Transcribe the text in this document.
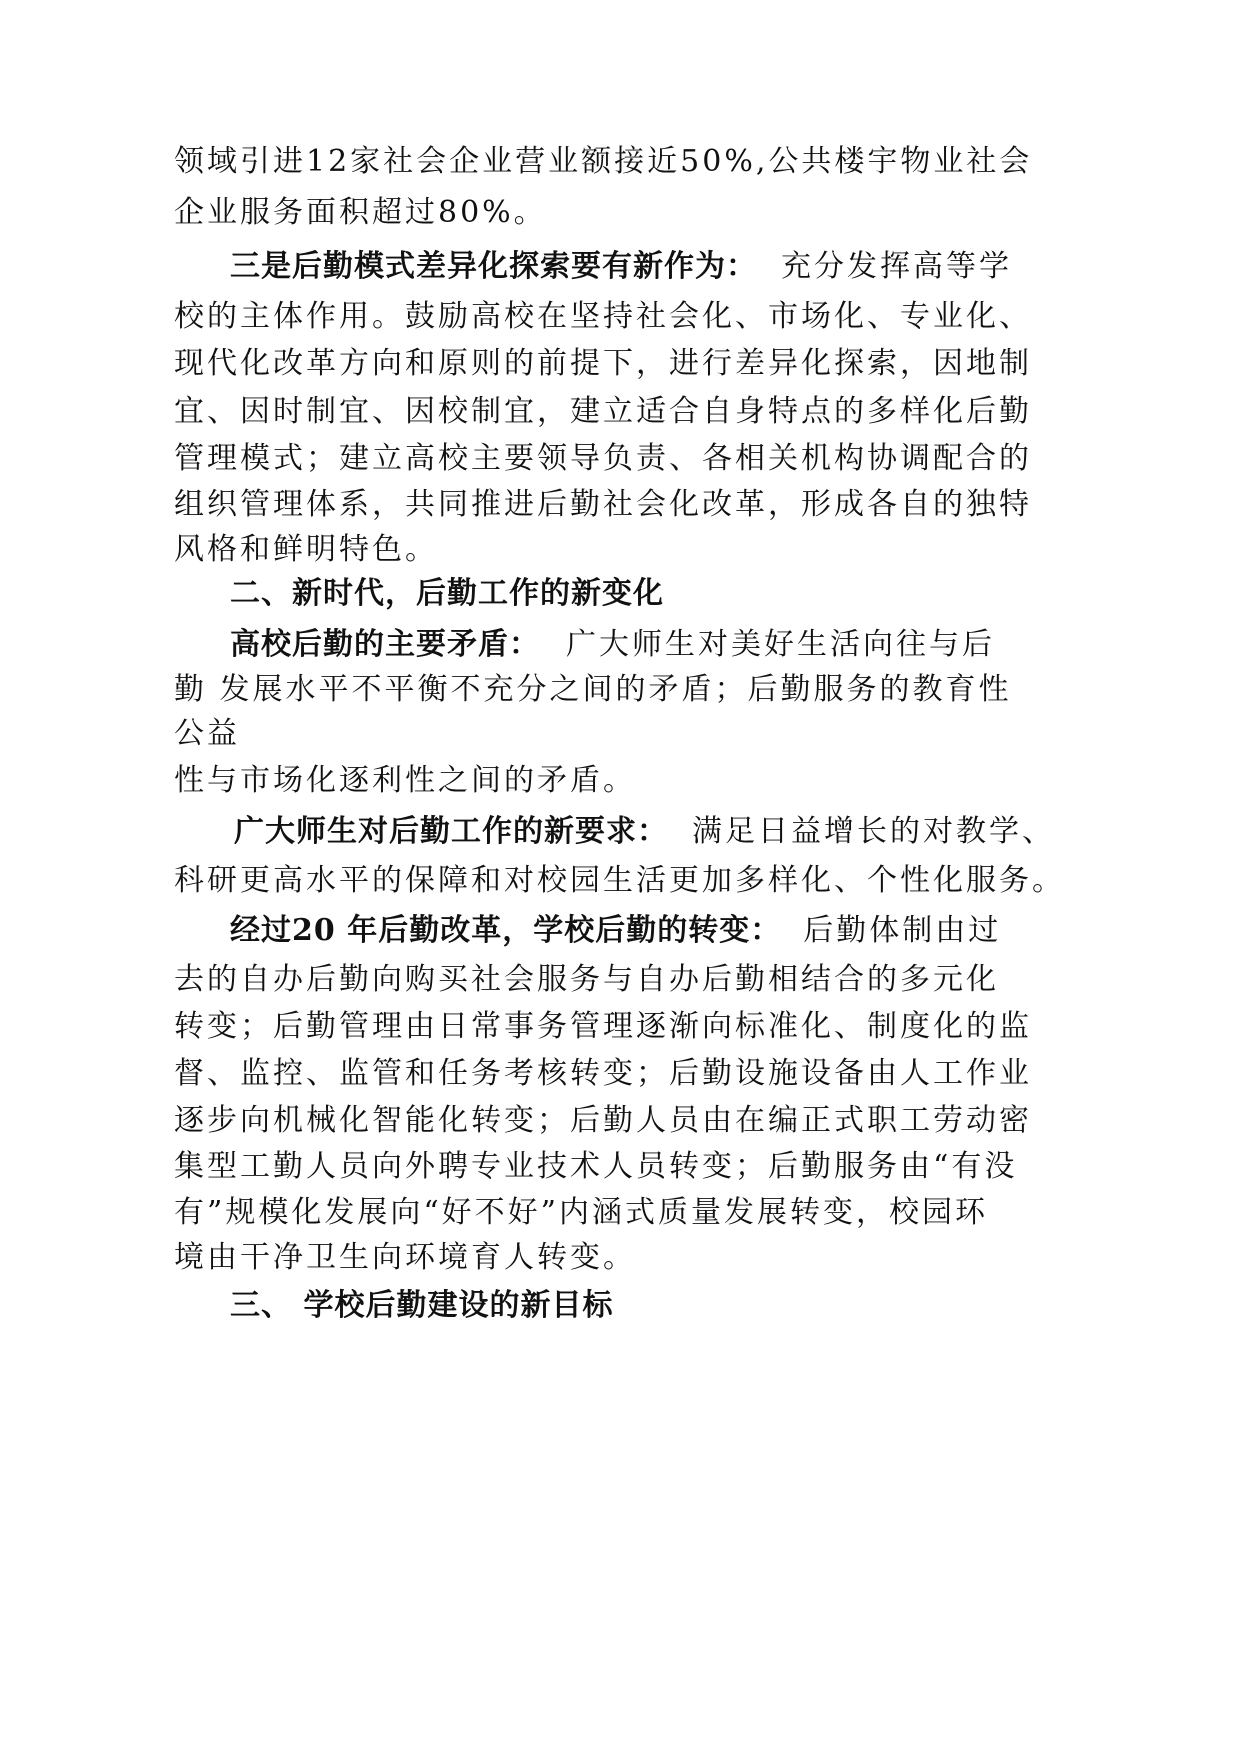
领域引进12家社会企业营业额接近50%,公共楼宇物业社会
企业服务面积超过80%。
三是后勤模式差异化探索要有新作为： 充分发挥高等学
校的主体作用。鼓励高校在坚持社会化、市场化、专业化、
现代化改革方向和原则的前提下，进行差异化探索，因地制
宜、因时制宜、因校制宜，建立适合自身特点的多样化后勤
管理模式；建立高校主要领导负责、各相关机构协调配合的
组织管理体系，共同推进后勤社会化改革，形成各自的独特
风格和鲜明特色。
二、新时代，后勤工作的新变化
高校后勤的主要矛盾： 广大师生对美好生活向往与后
勤 发展水平不平衡不充分之间的矛盾；后勤服务的教育性
公益
性与市场化逐利性之间的矛盾。
广大师生对后勤工作的新要求： 满足日益增长的对教学、
科研更高水平的保障和对校园生活更加多样化、个性化服务。
经过20 年后勤改革，学校后勤的转变： 后勤体制由过
去的自办后勤向购买社会服务与自办后勤相结合的多元化
转变；后勤管理由日常事务管理逐渐向标准化、制度化的监
督、监控、监管和任务考核转变；后勤设施设备由人工作业
逐步向机械化智能化转变；后勤人员由在编正式职工劳动密
集型工勤人员向外聘专业技术人员转变；后勤服务由“有没
有”规模化发展向“好不好”内涵式质量发展转变，校园环
境由干净卫生向环境育人转变。
三、 学校后勤建设的新目标
